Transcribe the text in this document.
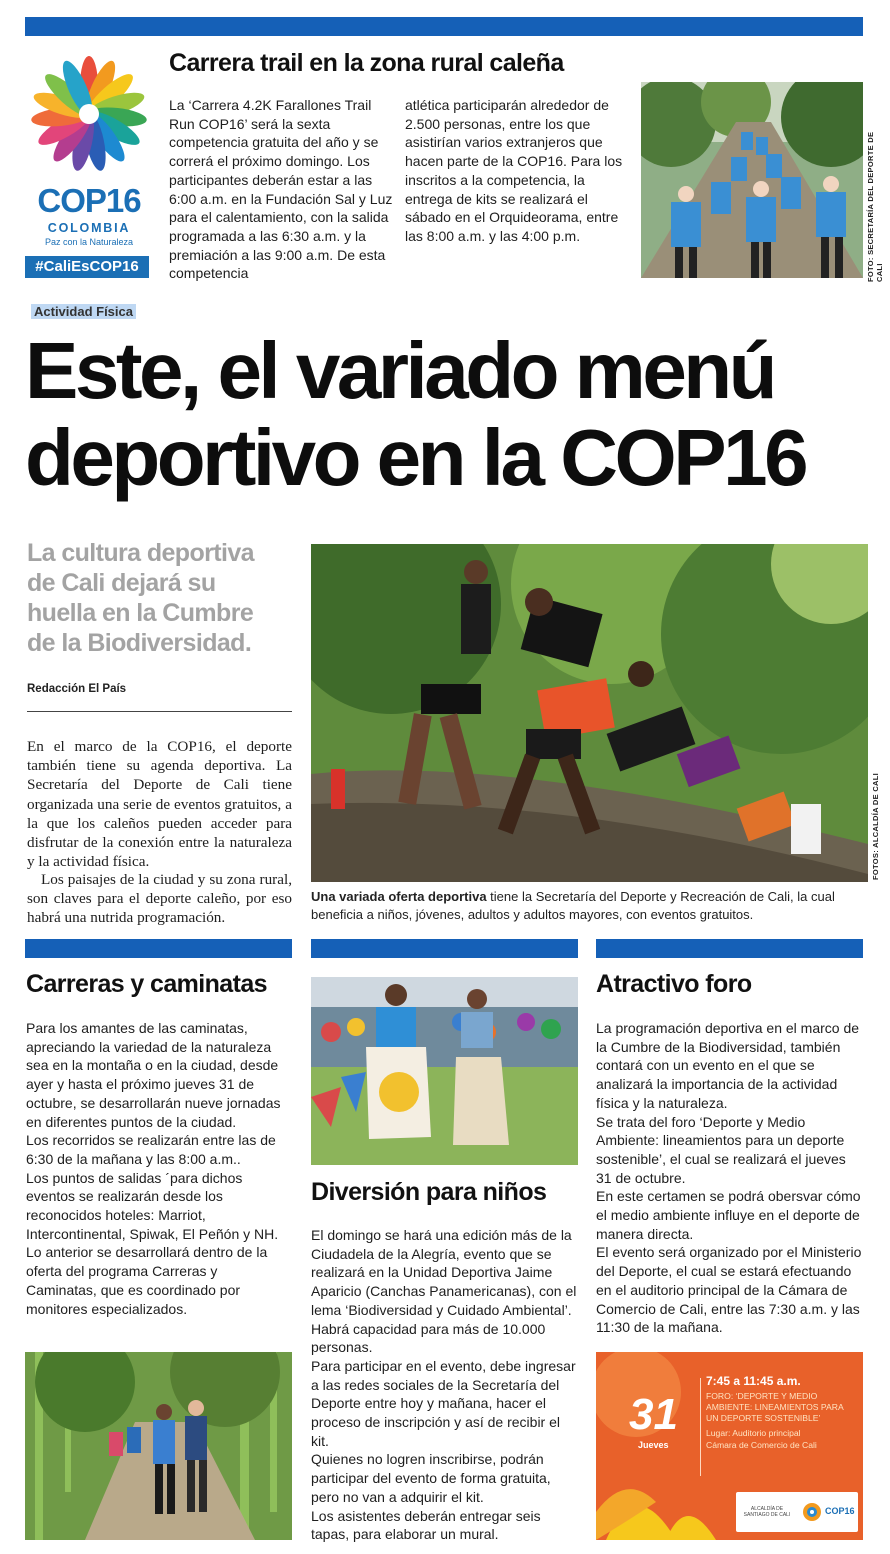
COP16
COLOMBIA
Paz con la Naturaleza
#CaliEsCOP16
Carrera trail en la zona rural caleña
La ‘Carrera 4.2K Farallones Trail Run COP16’ será la sexta competencia gratuita del año y se correrá el próximo domingo. Los participantes deberán estar a las 6:00 a.m. en la Fundación Sal y Luz para el calentamiento, con la salida programada a las 6:30 a.m. y la premiación a las 9:00 a.m. De esta competencia
atlética participarán alrededor de 2.500 personas, entre los que asistirían varios extranjeros que hacen parte de la COP16. Para los inscritos a la competencia, la entrega de kits se realizará el sábado en el Orquideorama, entre las 8:00 a.m. y las 4:00 p.m.	FOTO: SECRETARÍA DEL DEPORTE DE CALI
Actividad Física
Este, el variado menú
deportivo en la COP16
La cultura deportiva de Cali dejará su huella en la Cumbre de la Biodiversidad.
Redacción El País
En el marco de la COP16, el deporte también tiene su agenda deportiva. La Secretaría del Deporte de Cali tiene organizada una serie de eventos gratuitos, a la que los caleños pueden acceder para disfrutar de la conexión entre la naturaleza y la actividad física.
Los paisajes de la ciudad y su zona rural, son claves para el deporte caleño, por eso habrá una nutrida programación.
FOTOS: ALCALDÍA DE CALI
Una variada oferta deportiva tiene la Secretaría del Deporte y Recreación de Cali, la cual beneficia a niños, jóvenes, adultos y adultos mayores, con eventos gratuitos.
Carreras y caminatas
Para los amantes de las caminatas, apreciando la variedad de la naturaleza sea en la montaña o en la ciudad, desde ayer y hasta el próximo jueves 31 de octubre, se desarrollarán nueve jornadas en diferentes puntos de la ciudad.
Los recorridos se realizarán entre las de 6:30 de la mañana y las 8:00 a.m..
Los puntos de salidas ´para dichos eventos se realizarán desde los reconocidos hoteles: Marriot, Intercontinental, Spiwak, El Peñón y NH.
Lo anterior se desarrollará dentro de la oferta del programa Carreras y Caminatas, que es coordinado por monitores especializados.
Diversión para niños
El domingo se hará una edición más de la Ciudadela de la Alegría, evento que se realizará en la Unidad Deportiva Jaime Aparicio (Canchas Panamericanas), con el lema ‘Biodiversidad y Cuidado Ambiental’. Habrá capacidad para más de 10.000 personas.
Para participar en el evento, debe ingresar a las redes sociales de la Secretaría del Deporte entre hoy y mañana, hacer el proceso de inscripción y así de recibir el kit.
Quienes no logren inscribirse, podrán participar del evento de forma gratuita, pero no van a adquirir el kit.
Los asistentes deberán entregar seis tapas, para elaborar un mural.
Atractivo foro
La programación deportiva en el marco de la Cumbre de la Biodiversidad, también contará con un evento en el que se analizará la importancia de la actividad física y la naturaleza.
Se trata del foro ‘Deporte y Medio Ambiente: lineamientos para un deporte sostenible’, el cual se realizará el jueves 31 de octubre.
En este certamen se podrá obersvar cómo el medio ambiente influye en el deporte de manera directa.
El evento será organizado por el Ministerio del Deporte, el cual se estará efectuando en el auditorio principal de la Cámara de Comercio de Cali, entre las 7:30 a.m. y las 11:30 de la mañana.
31
Jueves
7:45 a 11:45 a.m.
FORO: ‘DEPORTE Y MEDIO AMBIENTE: LINEAMIENTOS PARA UN DEPORTE SOSTENIBLE’
Lugar: Auditorio principal
Cámara de Comercio de Cali
ALCALDÍA DE SANTIAGO DE CALI	COP16
